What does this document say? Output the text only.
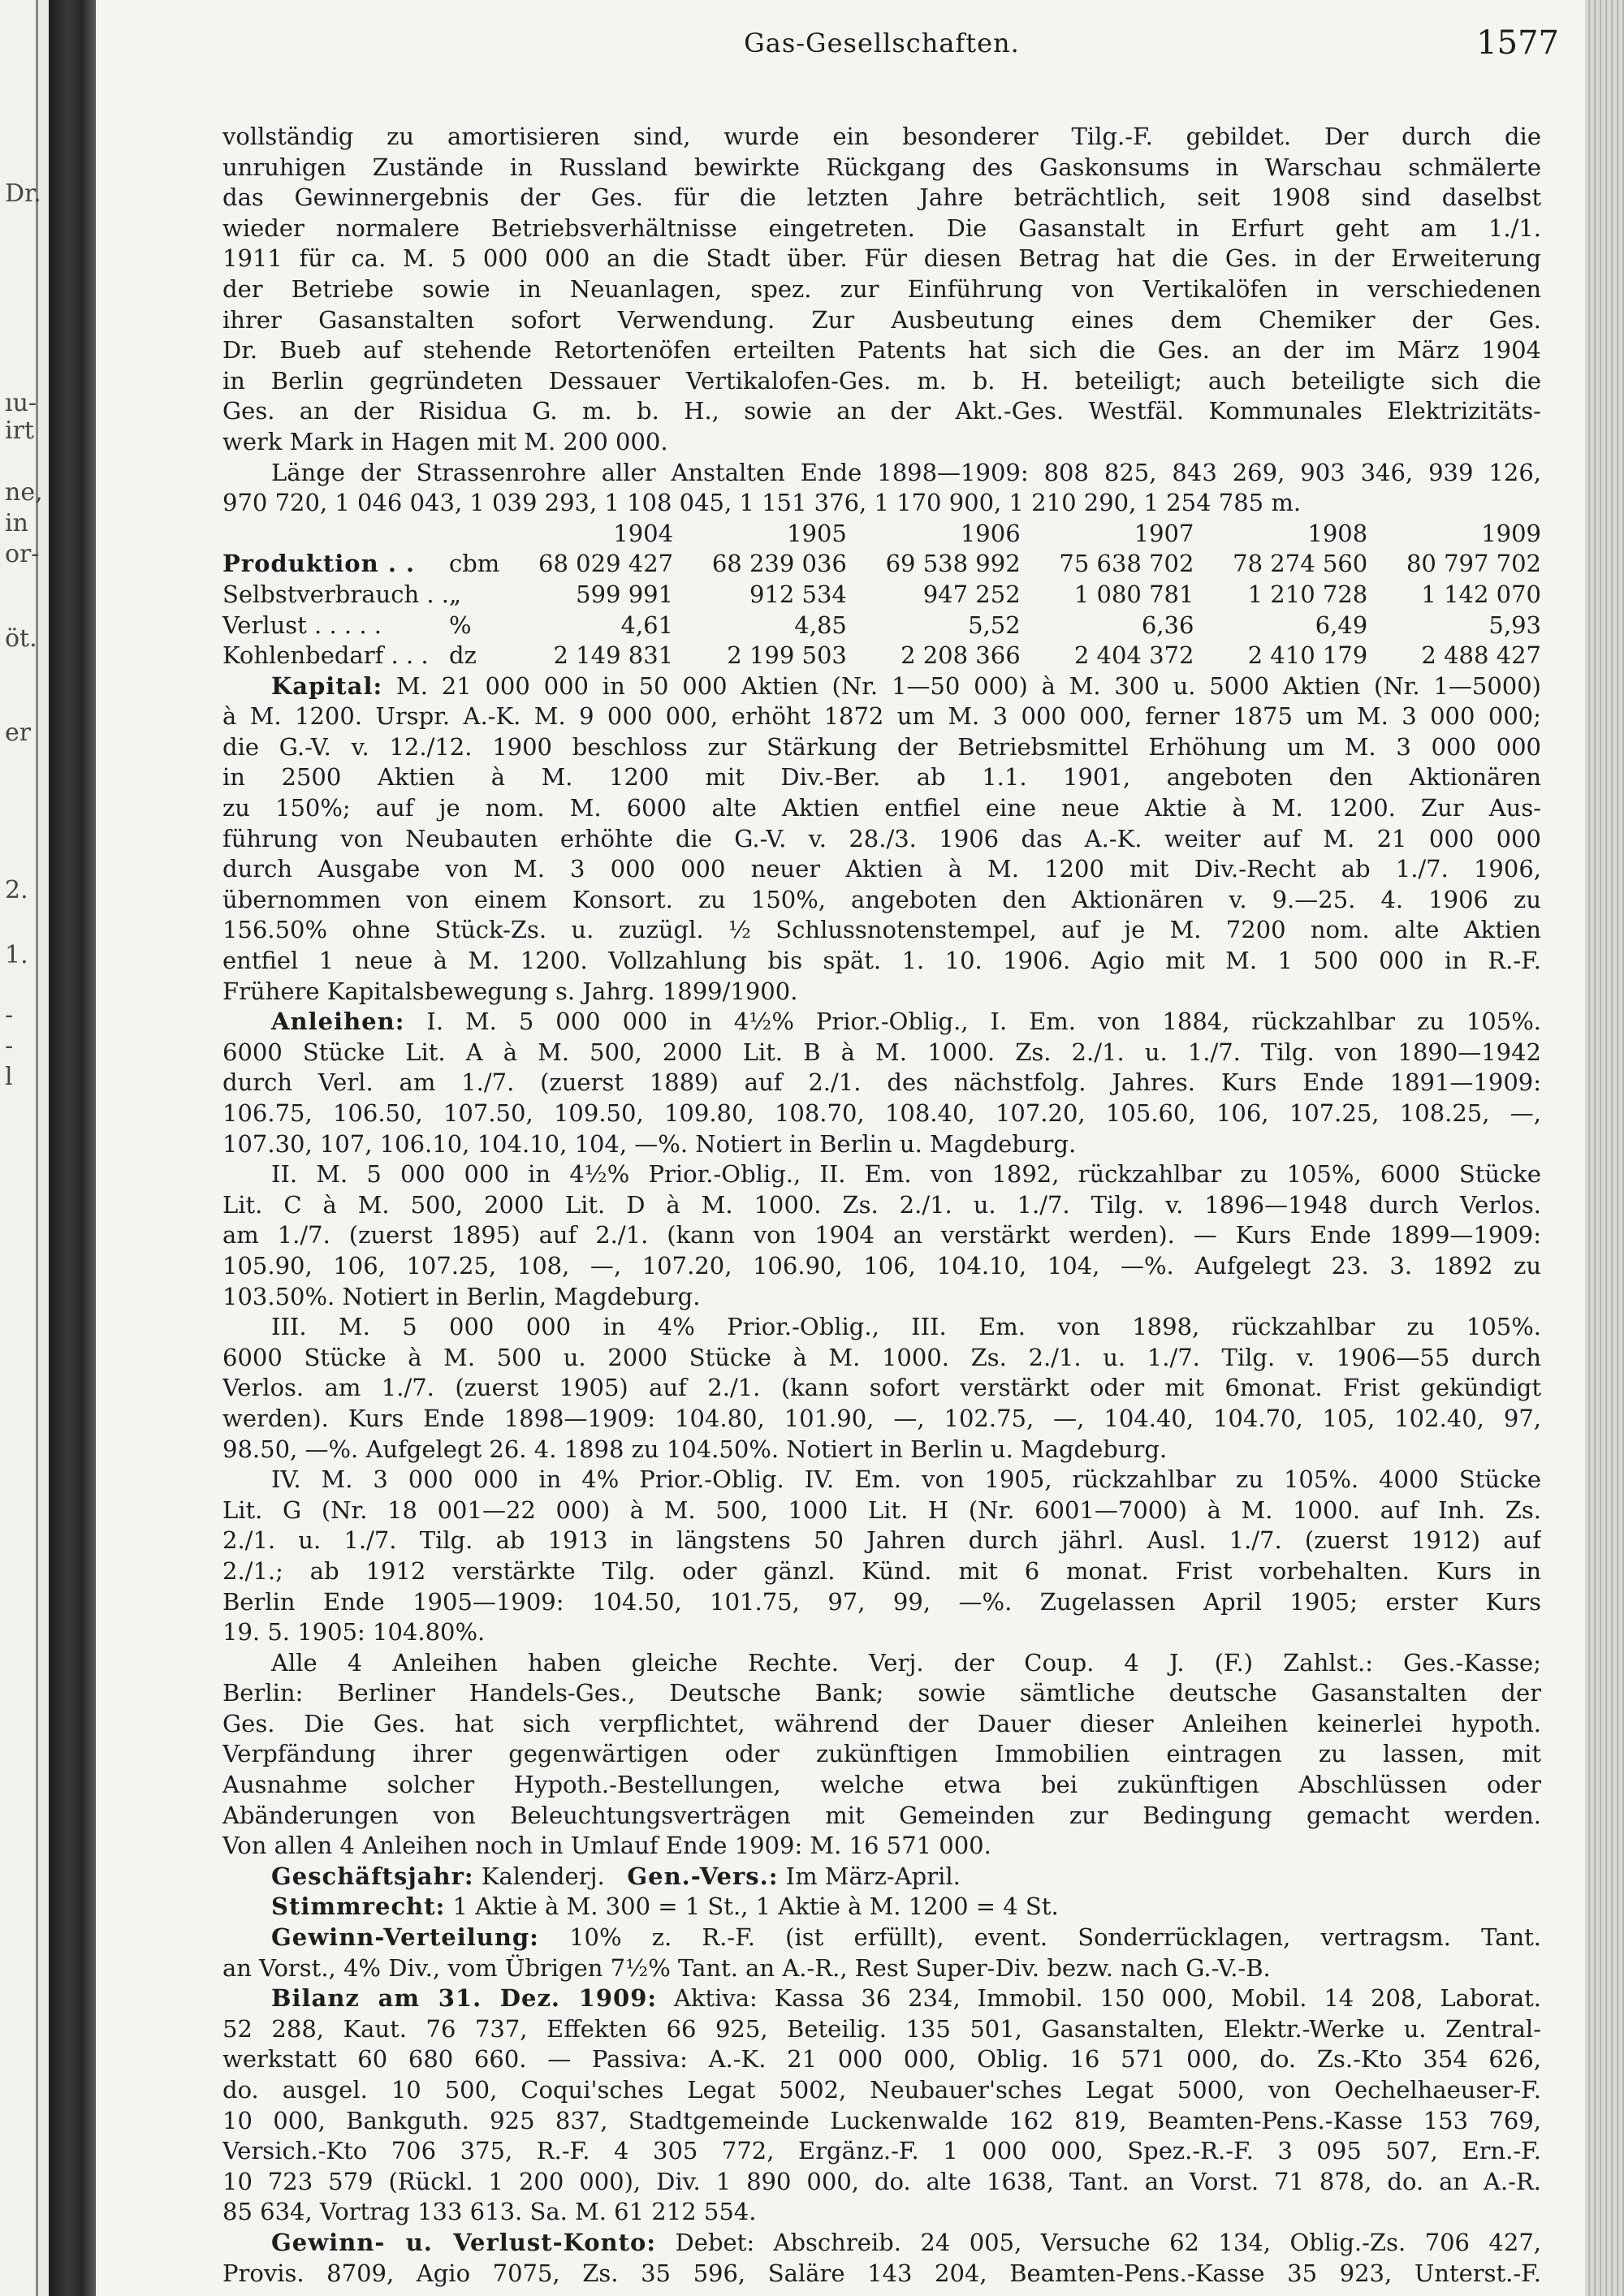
Dr.
ıu-
irt
ne,
in
or-
öt.
er
2.
1.
-
-
l
Gas-Gesellschaften.	1577
vollständig zu amortisieren sind, wurde ein besonderer Tilg.-F. gebildet. Der durch die
unruhigen Zustände in Russland bewirkte Rückgang des Gaskonsums in Warschau schmälerte
das Gewinnergebnis der Ges. für die letzten Jahre beträchtlich, seit 1908 sind daselbst
wieder normalere Betriebsverhältnisse eingetreten. Die Gasanstalt in Erfurt geht am 1./1.
1911 für ca. M. 5 000 000 an die Stadt über. Für diesen Betrag hat die Ges. in der Erweiterung
der Betriebe sowie in Neuanlagen, spez. zur Einführung von Vertikalöfen in verschiedenen
ihrer Gasanstalten sofort Verwendung. Zur Ausbeutung eines dem Chemiker der Ges.
Dr. Bueb auf stehende Retortenöfen erteilten Patents hat sich die Ges. an der im März 1904
in Berlin gegründeten Dessauer Vertikalofen-Ges. m. b. H. beteiligt; auch beteiligte sich die
Ges. an der Risidua G. m. b. H., sowie an der Akt.-Ges. Westfäl. Kommunales Elektrizitäts-
werk Mark in Hagen mit M. 200 000.
Länge der Strassenrohre aller Anstalten Ende 1898—1909: 808 825, 843 269, 903 346, 939 126,
970 720, 1 046 043, 1 039 293, 1 108 045, 1 151 376, 1 170 900, 1 210 290, 1 254 785 m.
		1904	1905	1906	1907	1908	1909
Produktion . .	cbm	68 029 427	68 239 036	69 538 992	75 638 702	78 274 560	80 797 702
Selbstverbrauch . .	„	599 991	912 534	947 252	1 080 781	1 210 728	1 142 070
Verlust . . . . .	%	4,61	4,85	5,52	6,36	6,49	5,93
Kohlenbedarf . . .	dz	2 149 831	2 199 503	2 208 366	2 404 372	2 410 179	2 488 427
Kapital: M. 21 000 000 in 50 000 Aktien (Nr. 1—50 000) à M. 300 u. 5000 Aktien (Nr. 1—5000)
à M. 1200. Urspr. A.-K. M. 9 000 000, erhöht 1872 um M. 3 000 000, ferner 1875 um M. 3 000 000;
die G.-V. v. 12./12. 1900 beschloss zur Stärkung der Betriebsmittel Erhöhung um M. 3 000 000
in 2500 Aktien à M. 1200 mit Div.-Ber. ab 1.1. 1901, angeboten den Aktionären
zu 150%; auf je nom. M. 6000 alte Aktien entfiel eine neue Aktie à M. 1200. Zur Aus-
führung von Neubauten erhöhte die G.-V. v. 28./3. 1906 das A.-K. weiter auf M. 21 000 000
durch Ausgabe von M. 3 000 000 neuer Aktien à M. 1200 mit Div.-Recht ab 1./7. 1906,
übernommen von einem Konsort. zu 150%, angeboten den Aktionären v. 9.—25. 4. 1906 zu
156.50% ohne Stück-Zs. u. zuzügl. ½ Schlussnotenstempel, auf je M. 7200 nom. alte Aktien
entfiel 1 neue à M. 1200. Vollzahlung bis spät. 1. 10. 1906. Agio mit M. 1 500 000 in R.-F.
Frühere Kapitalsbewegung s. Jahrg. 1899/1900.
Anleihen: I. M. 5 000 000 in 4½% Prior.-Oblig., I. Em. von 1884, rückzahlbar zu 105%.
6000 Stücke Lit. A à M. 500, 2000 Lit. B à M. 1000. Zs. 2./1. u. 1./7. Tilg. von 1890—1942
durch Verl. am 1./7. (zuerst 1889) auf 2./1. des nächstfolg. Jahres. Kurs Ende 1891—1909:
106.75, 106.50, 107.50, 109.50, 109.80, 108.70, 108.40, 107.20, 105.60, 106, 107.25, 108.25, —,
107.30, 107, 106.10, 104.10, 104, —%. Notiert in Berlin u. Magdeburg.
II. M. 5 000 000 in 4½% Prior.-Oblig., II. Em. von 1892, rückzahlbar zu 105%, 6000 Stücke
Lit. C à M. 500, 2000 Lit. D à M. 1000. Zs. 2./1. u. 1./7. Tilg. v. 1896—1948 durch Verlos.
am 1./7. (zuerst 1895) auf 2./1. (kann von 1904 an verstärkt werden). — Kurs Ende 1899—1909:
105.90, 106, 107.25, 108, —, 107.20, 106.90, 106, 104.10, 104, —%. Aufgelegt 23. 3. 1892 zu
103.50%. Notiert in Berlin, Magdeburg.
III. M. 5 000 000 in 4% Prior.-Oblig., III. Em. von 1898, rückzahlbar zu 105%.
6000 Stücke à M. 500 u. 2000 Stücke à M. 1000. Zs. 2./1. u. 1./7. Tilg. v. 1906—55 durch
Verlos. am 1./7. (zuerst 1905) auf 2./1. (kann sofort verstärkt oder mit 6monat. Frist gekündigt
werden). Kurs Ende 1898—1909: 104.80, 101.90, —, 102.75, —, 104.40, 104.70, 105, 102.40, 97,
98.50, —%. Aufgelegt 26. 4. 1898 zu 104.50%. Notiert in Berlin u. Magdeburg.
IV. M. 3 000 000 in 4% Prior.-Oblig. IV. Em. von 1905, rückzahlbar zu 105%. 4000 Stücke
Lit. G (Nr. 18 001—22 000) à M. 500, 1000 Lit. H (Nr. 6001—7000) à M. 1000. auf Inh. Zs.
2./1. u. 1./7. Tilg. ab 1913 in längstens 50 Jahren durch jährl. Ausl. 1./7. (zuerst 1912) auf
2./1.; ab 1912 verstärkte Tilg. oder gänzl. Künd. mit 6 monat. Frist vorbehalten. Kurs in
Berlin Ende 1905—1909: 104.50, 101.75, 97, 99, —%. Zugelassen April 1905; erster Kurs
19. 5. 1905: 104.80%.
Alle 4 Anleihen haben gleiche Rechte. Verj. der Coup. 4 J. (F.) Zahlst.: Ges.-Kasse;
Berlin: Berliner Handels-Ges., Deutsche Bank; sowie sämtliche deutsche Gasanstalten der
Ges. Die Ges. hat sich verpflichtet, während der Dauer dieser Anleihen keinerlei hypoth.
Verpfändung ihrer gegenwärtigen oder zukünftigen Immobilien eintragen zu lassen, mit
Ausnahme solcher Hypoth.-Bestellungen, welche etwa bei zukünftigen Abschlüssen oder
Abänderungen von Beleuchtungsverträgen mit Gemeinden zur Bedingung gemacht werden.
Von allen 4 Anleihen noch in Umlauf Ende 1909: M. 16 571 000.
Geschäftsjahr: Kalenderj. Gen.-Vers.: Im März-April.
Stimmrecht: 1 Aktie à M. 300 = 1 St., 1 Aktie à M. 1200 = 4 St.
Gewinn-Verteilung: 10% z. R.-F. (ist erfüllt), event. Sonderrücklagen, vertragsm. Tant.
an Vorst., 4% Div., vom Übrigen 7½% Tant. an A.-R., Rest Super-Div. bezw. nach G.-V.-B.
Bilanz am 31. Dez. 1909: Aktiva: Kassa 36 234, Immobil. 150 000, Mobil. 14 208, Laborat.
52 288, Kaut. 76 737, Effekten 66 925, Beteilig. 135 501, Gasanstalten, Elektr.-Werke u. Zentral-
werkstatt 60 680 660. — Passiva: A.-K. 21 000 000, Oblig. 16 571 000, do. Zs.-Kto 354 626,
do. ausgel. 10 500, Coqui'sches Legat 5002, Neubauer'sches Legat 5000, von Oechelhaeuser-F.
10 000, Bankguth. 925 837, Stadtgemeinde Luckenwalde 162 819, Beamten-Pens.-Kasse 153 769,
Versich.-Kto 706 375, R.-F. 4 305 772, Ergänz.-F. 1 000 000, Spez.-R.-F. 3 095 507, Ern.-F.
10 723 579 (Rückl. 1 200 000), Div. 1 890 000, do. alte 1638, Tant. an Vorst. 71 878, do. an A.-R.
85 634, Vortrag 133 613. Sa. M. 61 212 554.
Gewinn- u. Verlust-Konto: Debet: Abschreib. 24 005, Versuche 62 134, Oblig.-Zs. 706 427,
Provis. 8709, Agio 7075, Zs. 35 596, Saläre 143 204, Beamten-Pens.-Kasse 35 923, Unterst.-F.
